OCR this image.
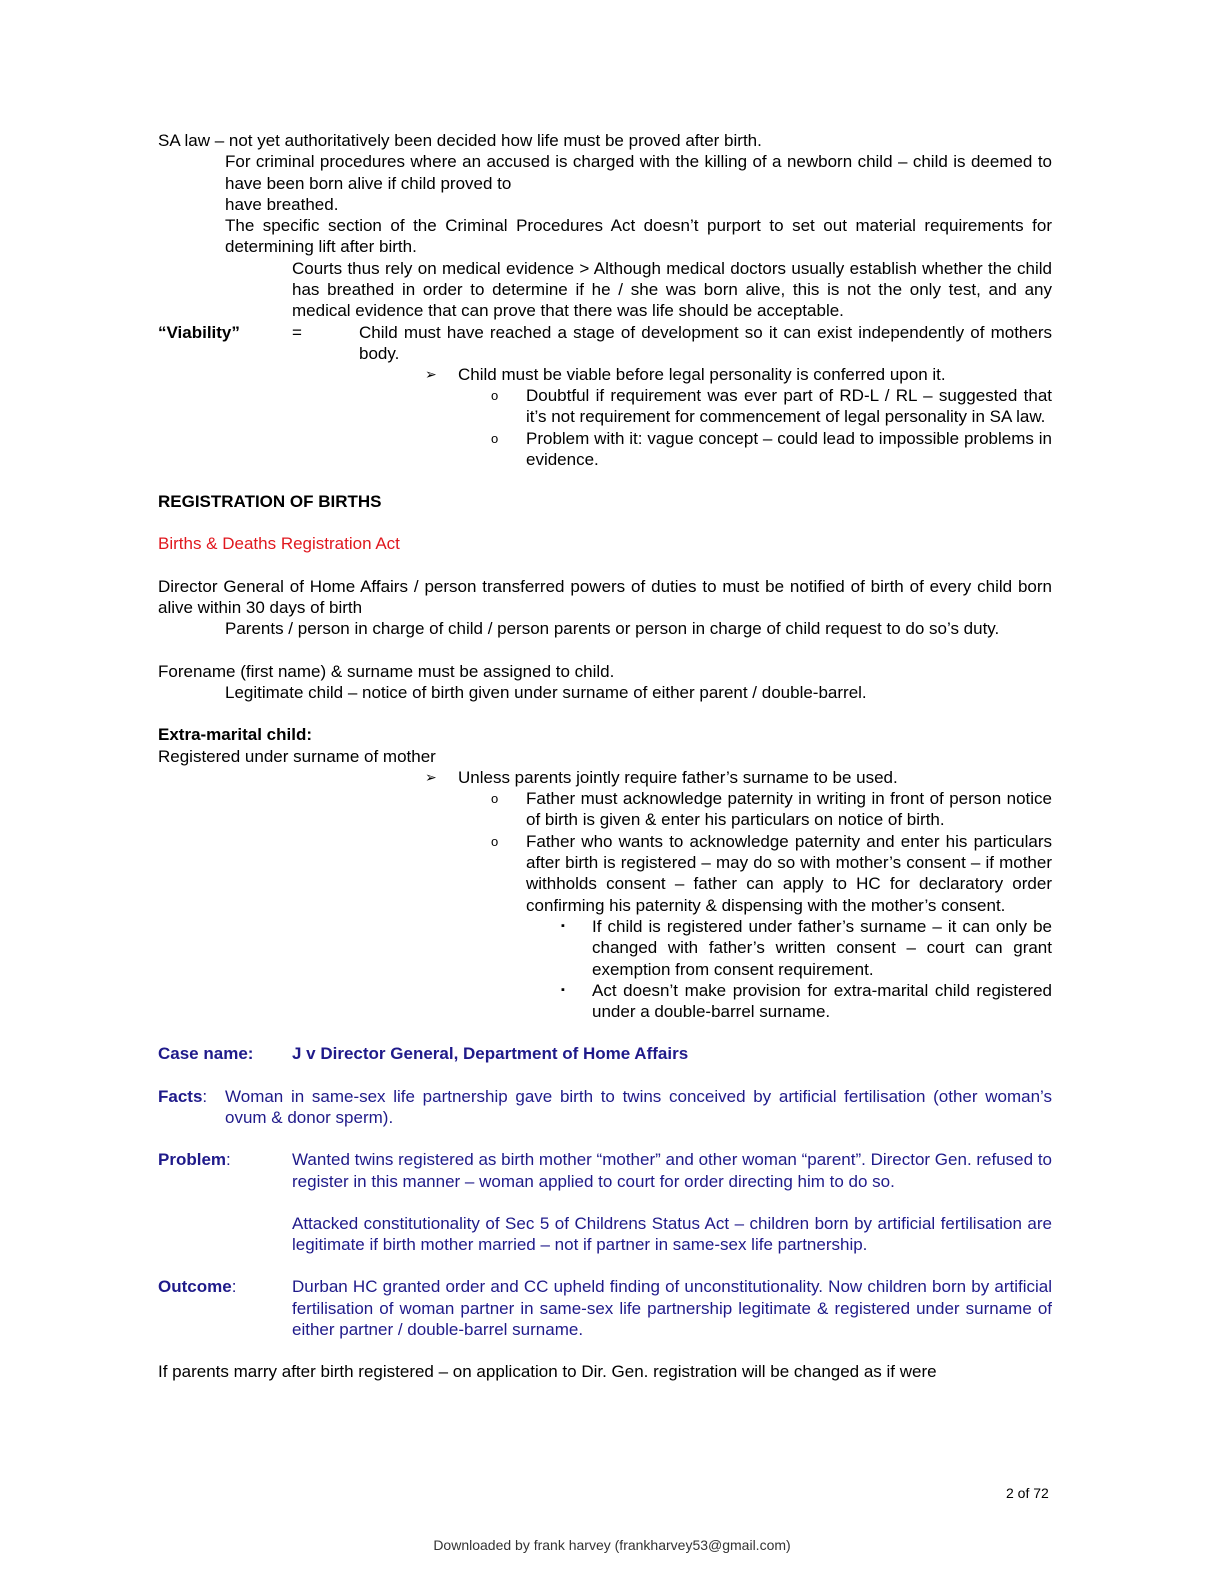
SA law – not yet authoritatively been decided how life must be proved after birth.

For criminal procedures where an accused is charged with the killing of a newborn child – child is deemed to have been born alive if child proved to

have breathed.

The specific section of the Criminal Procedures Act doesn’t purport to set out material requirements for determining lift after birth.

Courts thus rely on medical evidence > Although medical doctors usually establish whether the child has breathed in order to determine if he / she was born alive, this is not the only test, and any medical evidence that can prove that there was life should be acceptable.

“Viability”	=	Child must have reached a stage of development so it can exist independently of mothers body.

➢ Child must be viable before legal personality is conferred upon it.

o Doubtful if requirement was ever part of RD-L / RL – suggested that it’s not requirement for commencement of legal personality in SA law.

o Problem with it: vague concept – could lead to impossible problems in evidence.

REGISTRATION OF BIRTHS

Births & Deaths Registration Act

Director General of Home Affairs / person transferred powers of duties to must be notified of birth of every child born alive within 30 days of birth

Parents / person in charge of child / person parents or person in charge of child request to do so’s duty.

Forename (first name) & surname must be assigned to child.

Legitimate child – notice of birth given under surname of either parent / double-barrel.

Extra-marital child:

Registered under surname of mother

➢ Unless parents jointly require father’s surname to be used.

o Father must acknowledge paternity in writing in front of person notice of birth is given & enter his particulars on notice of birth.

o Father who wants to acknowledge paternity and enter his particulars after birth is registered – may do so with mother’s consent – if mother withholds consent – father can apply to HC for declaratory order confirming his paternity & dispensing with the mother’s consent.

▪ If child is registered under father’s surname – it can only be changed with father’s written consent – court can grant exemption from consent requirement.

▪ Act doesn’t make provision for extra-marital child registered under a double-barrel surname.

Case name: J v Director General, Department of Home Affairs
Facts: Woman in same-sex life partnership gave birth to twins conceived by artificial fertilisation (other woman’s ovum & donor sperm).
Problem:	Wanted twins registered as birth mother “mother” and other woman “parent”. Director Gen. refused to register in this manner – woman applied to court for order directing him to do so.
Attacked constitutionality of Sec 5 of Childrens Status Act – children born by artificial fertilisation are legitimate if birth mother married – not if partner in same-sex life partnership.
Outcome:	Durban HC granted order and CC upheld finding of unconstitutionality. Now children born by artificial fertilisation of woman partner in same-sex life partnership legitimate & registered under surname of either partner / double-barrel surname.

If parents marry after birth registered – on application to Dir. Gen. registration will be changed as if were

2 of 72
Downloaded by frank harvey (frankharvey53@gmail.com)
